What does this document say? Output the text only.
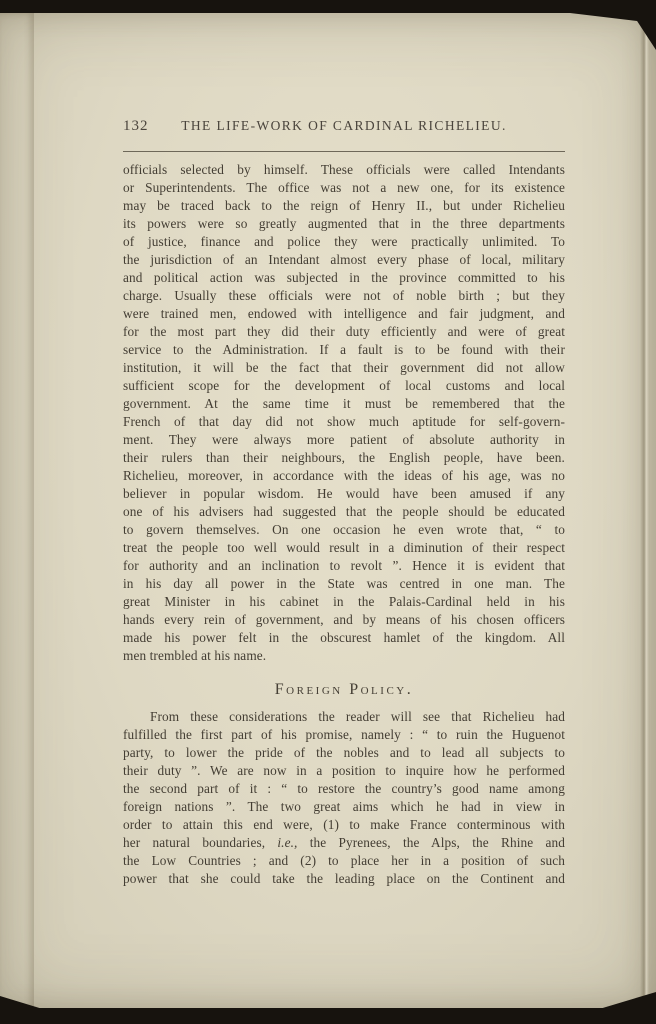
132	THE LIFE-WORK OF CARDINAL RICHELIEU.
officials selected by himself. These officials were called Intendants
or Superintendents. The office was not a new one, for its existence
may be traced back to the reign of Henry II., but under Richelieu
its powers were so greatly augmented that in the three departments
of justice, finance and police they were practically unlimited. To
the jurisdiction of an Intendant almost every phase of local, military
and political action was subjected in the province committed to his
charge. Usually these officials were not of noble birth ; but they
were trained men, endowed with intelligence and fair judgment, and
for the most part they did their duty efficiently and were of great
service to the Administration. If a fault is to be found with their
institution, it will be the fact that their government did not allow
sufficient scope for the development of local customs and local
government. At the same time it must be remembered that the
French of that day did not show much aptitude for self-govern-
ment. They were always more patient of absolute authority in
their rulers than their neighbours, the English people, have been.
Richelieu, moreover, in accordance with the ideas of his age, was no
believer in popular wisdom. He would have been amused if any
one of his advisers had suggested that the people should be educated
to govern themselves. On one occasion he even wrote that, “ to
treat the people too well would result in a diminution of their respect
for authority and an inclination to revolt ”. Hence it is evident that
in his day all power in the State was centred in one man. The
great Minister in his cabinet in the Palais-Cardinal held in his
hands every rein of government, and by means of his chosen officers
made his power felt in the obscurest hamlet of the kingdom. All
men trembled at his name.
Foreign Policy.
From these considerations the reader will see that Richelieu had
fulfilled the first part of his promise, namely : “ to ruin the Huguenot
party, to lower the pride of the nobles and to lead all subjects to
their duty ”. We are now in a position to inquire how he performed
the second part of it : “ to restore the country’s good name among
foreign nations ”. The two great aims which he had in view in
order to attain this end were, (1) to make France conterminous with
her natural boundaries, i.e., the Pyrenees, the Alps, the Rhine and
the Low Countries ; and (2) to place her in a position of such
power that she could take the leading place on the Continent and
